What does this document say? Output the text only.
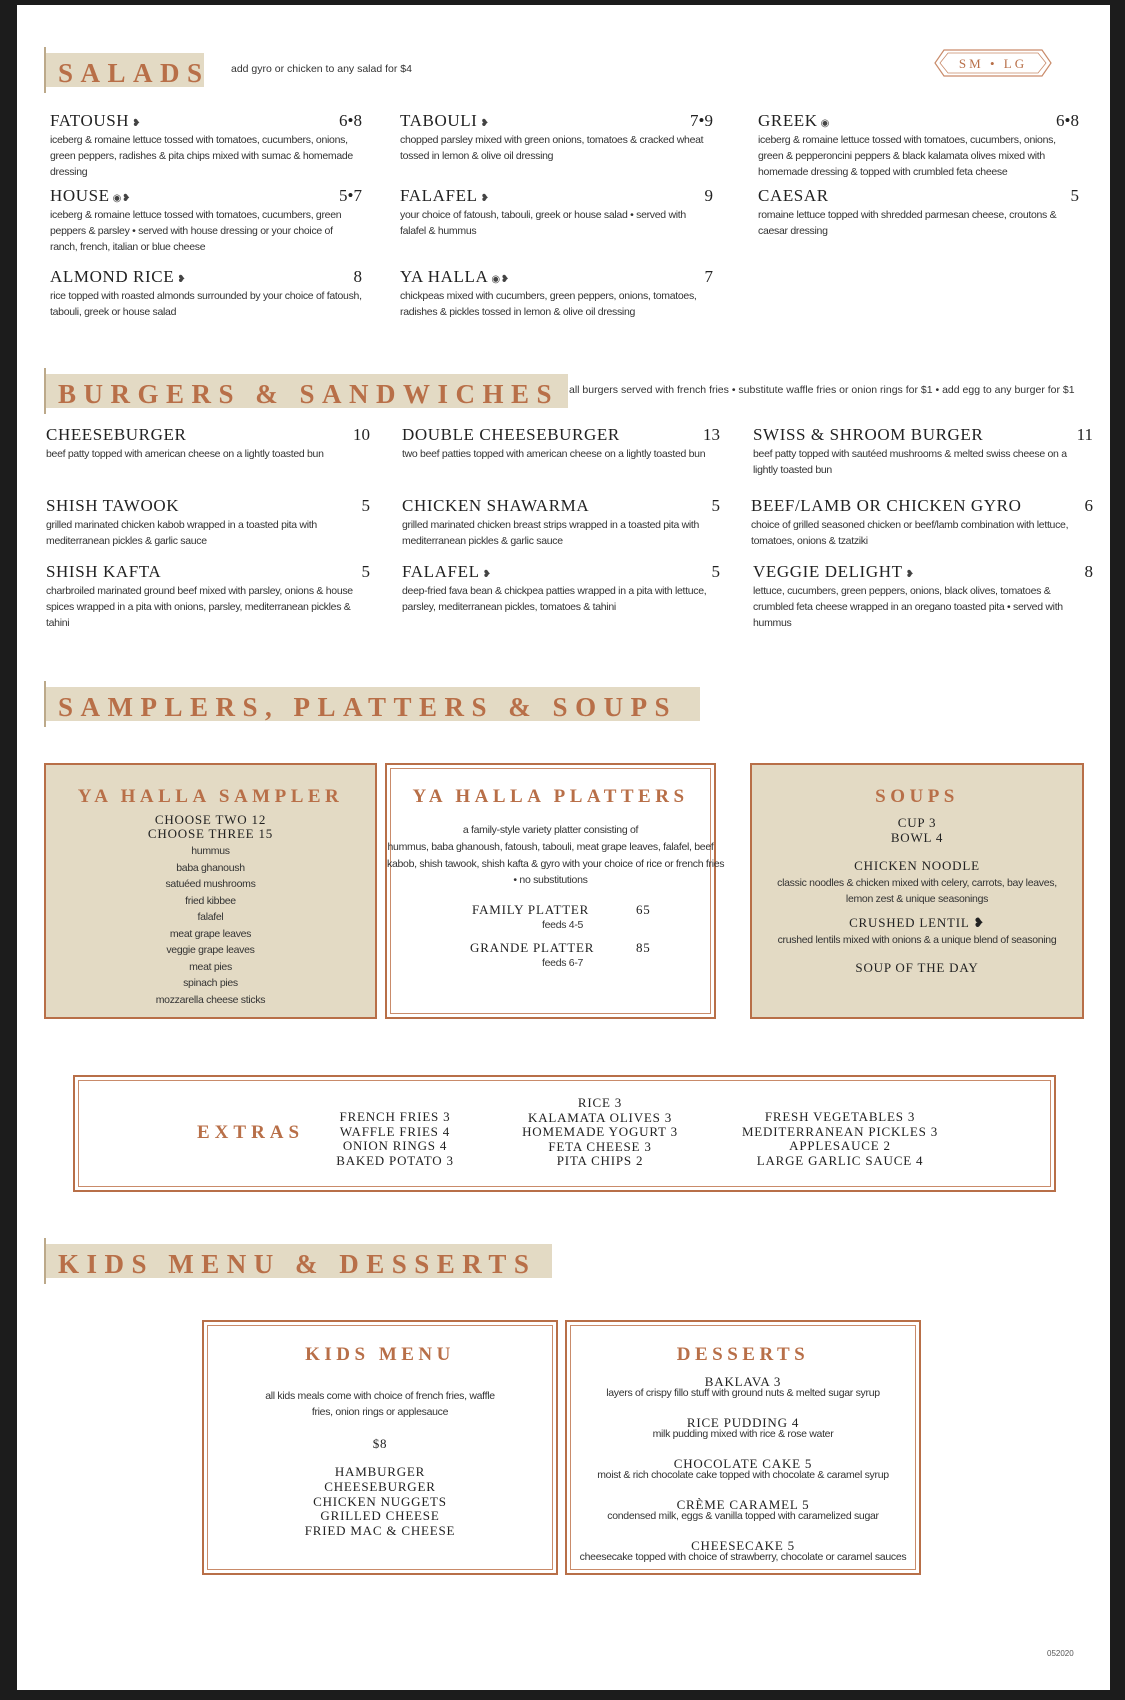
SALADS add gyro or chicken to any salad for $4	SM • LG
FATOUSH ❥	6•8
iceberg & romaine lettuce tossed with tomatoes, cucumbers, onions, green peppers, radishes & pita chips mixed with sumac & homemade dressing
TABOULI ❥	7•9
chopped parsley mixed with green onions, tomatoes & cracked wheat tossed in lemon & olive oil dressing
GREEK ◉	6•8
iceberg & romaine lettuce tossed with tomatoes, cucumbers, onions, green & pepperoncini peppers & black kalamata olives mixed with homemade dressing & topped with crumbled feta cheese
HOUSE ◉❥	5•7
iceberg & romaine lettuce tossed with tomatoes, cucumbers, green peppers & parsley • served with house dressing or your choice of ranch, french, italian or blue cheese
FALAFEL ❥	9
your choice of fatoush, tabouli, greek or house salad • served with falafel & hummus
CAESAR	5
romaine lettuce topped with shredded parmesan cheese, croutons & caesar dressing
ALMOND RICE ❥	8
rice topped with roasted almonds surrounded by your choice of fatoush, tabouli, greek or house salad
YA HALLA ◉❥	7
chickpeas mixed with cucumbers, green peppers, onions, tomatoes, radishes & pickles tossed in lemon & olive oil dressing
BURGERS & SANDWICHES all burgers served with french fries • substitute waffle fries or onion rings for $1 • add egg to any burger for $1
CHEESEBURGER	10
beef patty topped with american cheese on a lightly toasted bun
DOUBLE CHEESEBURGER	13
two beef patties topped with american cheese on a lightly toasted bun
SWISS & SHROOM BURGER	11
beef patty topped with sautéed mushrooms & melted swiss cheese on a lightly toasted bun
SHISH TAWOOK	5
grilled marinated chicken kabob wrapped in a toasted pita with mediterranean pickles & garlic sauce
CHICKEN SHAWARMA	5
grilled marinated chicken breast strips wrapped in a toasted pita with mediterranean pickles & garlic sauce
BEEF/LAMB OR CHICKEN GYRO	6
choice of grilled seasoned chicken or beef/lamb combination with lettuce, tomatoes, onions & tzatziki
SHISH KAFTA	5
charbroiled marinated ground beef mixed with parsley, onions & house spices wrapped in a pita with onions, parsley, mediterranean pickles & tahini
FALAFEL ❥	5
deep-fried fava bean & chickpea patties wrapped in a pita with lettuce, parsley, mediterranean pickles, tomatoes & tahini
VEGGIE DELIGHT ❥	8
lettuce, cucumbers, green peppers, onions, black olives, tomatoes & crumbled feta cheese wrapped in an oregano toasted pita • served with hummus
SAMPLERS, PLATTERS & SOUPS
YA HALLA SAMPLER
CHOOSE TWO 12
CHOOSE THREE 15
hummus
baba ghanoush
satuéed mushrooms
fried kibbee
falafel
meat grape leaves
veggie grape leaves
meat pies
spinach pies
mozzarella cheese sticks
YA HALLA PLATTERS
a family-style variety platter consisting of
hummus, baba ghanoush, fatoush, tabouli, meat grape leaves, falafel, beef
kabob, shish tawook, shish kafta & gyro with your choice of rice or french fries
• no substitutions
FAMILY PLATTER	65
feeds 4-5
GRANDE PLATTER	85
feeds 6-7
SOUPS
CUP 3
BOWL 4
CHICKEN NOODLE
classic noodles & chicken mixed with celery, carrots, bay leaves,
lemon zest & unique seasonings
CRUSHED LENTIL ❥
crushed lentils mixed with onions & a unique blend of seasoning
SOUP OF THE DAY
EXTRAS
FRENCH FRIES 3
WAFFLE FRIES 4
ONION RINGS 4
BAKED POTATO 3
RICE 3
KALAMATA OLIVES 3
HOMEMADE YOGURT 3
FETA CHEESE 3
PITA CHIPS 2
FRESH VEGETABLES 3
MEDITERRANEAN PICKLES 3
APPLESAUCE 2
LARGE GARLIC SAUCE 4
KIDS MENU & DESSERTS
KIDS MENU
all kids meals come with choice of french fries, waffle
fries, onion rings or applesauce
$8
HAMBURGER
CHEESEBURGER
CHICKEN NUGGETS
GRILLED CHEESE
FRIED MAC & CHEESE
DESSERTS
BAKLAVA 3
layers of crispy fillo stuff with ground nuts & melted sugar syrup
RICE PUDDING 4
milk pudding mixed with rice & rose water
CHOCOLATE CAKE 5
moist & rich chocolate cake topped with chocolate & caramel syrup
CRÈME CARAMEL 5
condensed milk, eggs & vanilla topped with caramelized sugar
CHEESECAKE 5
cheesecake topped with choice of strawberry, chocolate or caramel sauces
052020
